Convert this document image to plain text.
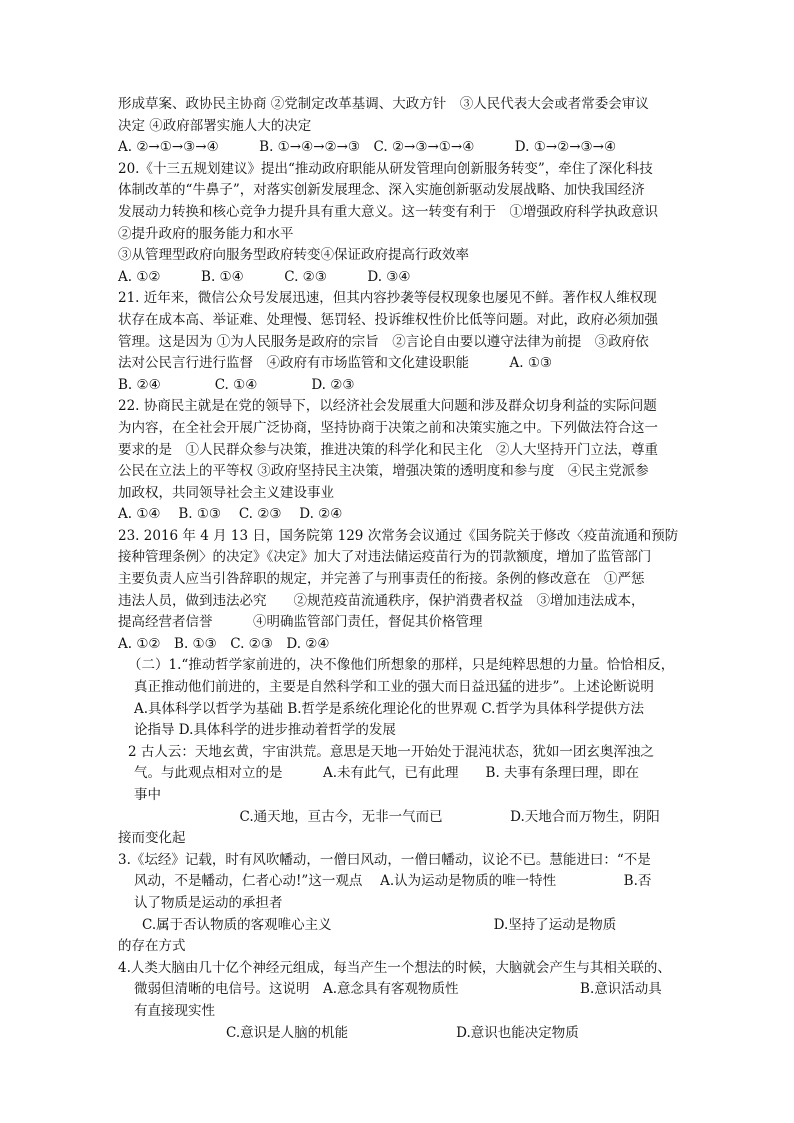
形成草案、政协民主协商 ②党制定改革基调、大政方针　③人民代表大会或者常委会审议
决定 ④政府部署实施人大的决定
A. ②→①→③→④　　　B. ①→④→②→③　C. ②→③→①→④　　　D. ①→②→③→④
20.《十三五规划建议》提出“推动政府职能从研发管理向创新服务转变”，牵住了深化科技
体制改革的“牛鼻子”，对落实创新发展理念、深入实施创新驱动发展战略、加快我国经济
发展动力转换和核心竞争力提升具有重大意义。这一转变有利于　①增强政府科学执政意识
②提升政府的服务能力和水平
③从管理型政府向服务型政府转变④保证政府提高行政效率
A. ①②　　　B. ①④　　　C. ②③　　　D. ③④
21. 近年来，微信公众号发展迅速，但其内容抄袭等侵权现象也屡见不鲜。著作权人维权现
状存在成本高、举证难、处理慢、惩罚轻、投诉维权性价比低等问题。对此，政府必须加强
管理。这是因为 ①为人民服务是政府的宗旨　②言论自由要以遵守法律为前提　③政府依
法对公民言行进行监督　④政府有市场监管和文化建设职能　　　A. ①③
B. ②④　　　　C. ①④　　　　D. ②③
22. 协商民主就是在党的领导下，以经济社会发展重大问题和涉及群众切身利益的实际问题
为内容，在全社会开展广泛协商，坚持协商于决策之前和决策实施之中。下列做法符合这一
要求的是　①人民群众参与决策，推进决策的科学化和民主化　②人大坚持开门立法，尊重
公民在立法上的平等权 ③政府坚持民主决策，增强决策的透明度和参与度　④民主党派参
加政权，共同领导社会主义建设事业
A. ①④　 B. ①③　 C. ②③　 D. ②④
23. 2016 年 4 月 13 日，国务院第 129 次常务会议通过《国务院关于修改〈疫苗流通和预防
接种管理条例〉的决定》《决定》加大了对违法储运疫苗行为的罚款额度，增加了监管部门
主要负责人应当引咎辞职的规定，并完善了与刑事责任的衔接。条例的修改意在　①严惩
违法人员，做到违法必究　　②规范疫苗流通秩序，保护消费者权益　③增加违法成本，
提高经营者信誉　　　④明确监管部门责任，督促其价格管理
A. ①②　B. ①③　C. ②③　D. ②④
（二）1.“推动哲学家前进的，决不像他们所想象的那样，只是纯粹思想的力量。恰恰相反，
真正推动他们前进的，主要是自然科学和工业的强大而日益迅猛的进步”。上述论断说明
A.具体科学以哲学为基础 B.哲学是系统化理论化的世界观 C.哲学为具体科学提供方法
论指导 D.具体科学的进步推动着哲学的发展
2 古人云：天地玄黄，宇宙洪荒。意思是天地一开始处于混沌状态，犹如一团玄奥浑浊之
气。与此观点相对立的是　　　A.未有此气，已有此理　　B. 夫事有条理曰理，即在
事中
　　　　　　　　　C.通天地，亘古今，无非一气而已　　　　　D.天地合而万物生，阴阳
接而变化起
3.《坛经》记载，时有风吹幡动，一僧曰风动，一僧曰幡动，议论不已。慧能进曰：“不是
风动，不是幡动，仁者心动!”这一观点　 A.认为运动是物质的唯一特性　　　　　B.否
认了物质是运动的承担者
C.属于否认物质的客观唯心主义　　　　　　　　　　　　D.坚持了运动是物质
的存在方式
4.人类大脑由几十亿个神经元组成，每当产生一个想法的时候，大脑就会产生与其相关联的、
微弱但清晰的电信号。这说明　A.意念具有客观物质性　　　　　　　　　B.意识活动具
有直接现实性
　　　　　　　　C.意识是人脑的机能　　　　　　　　D.意识也能决定物质
